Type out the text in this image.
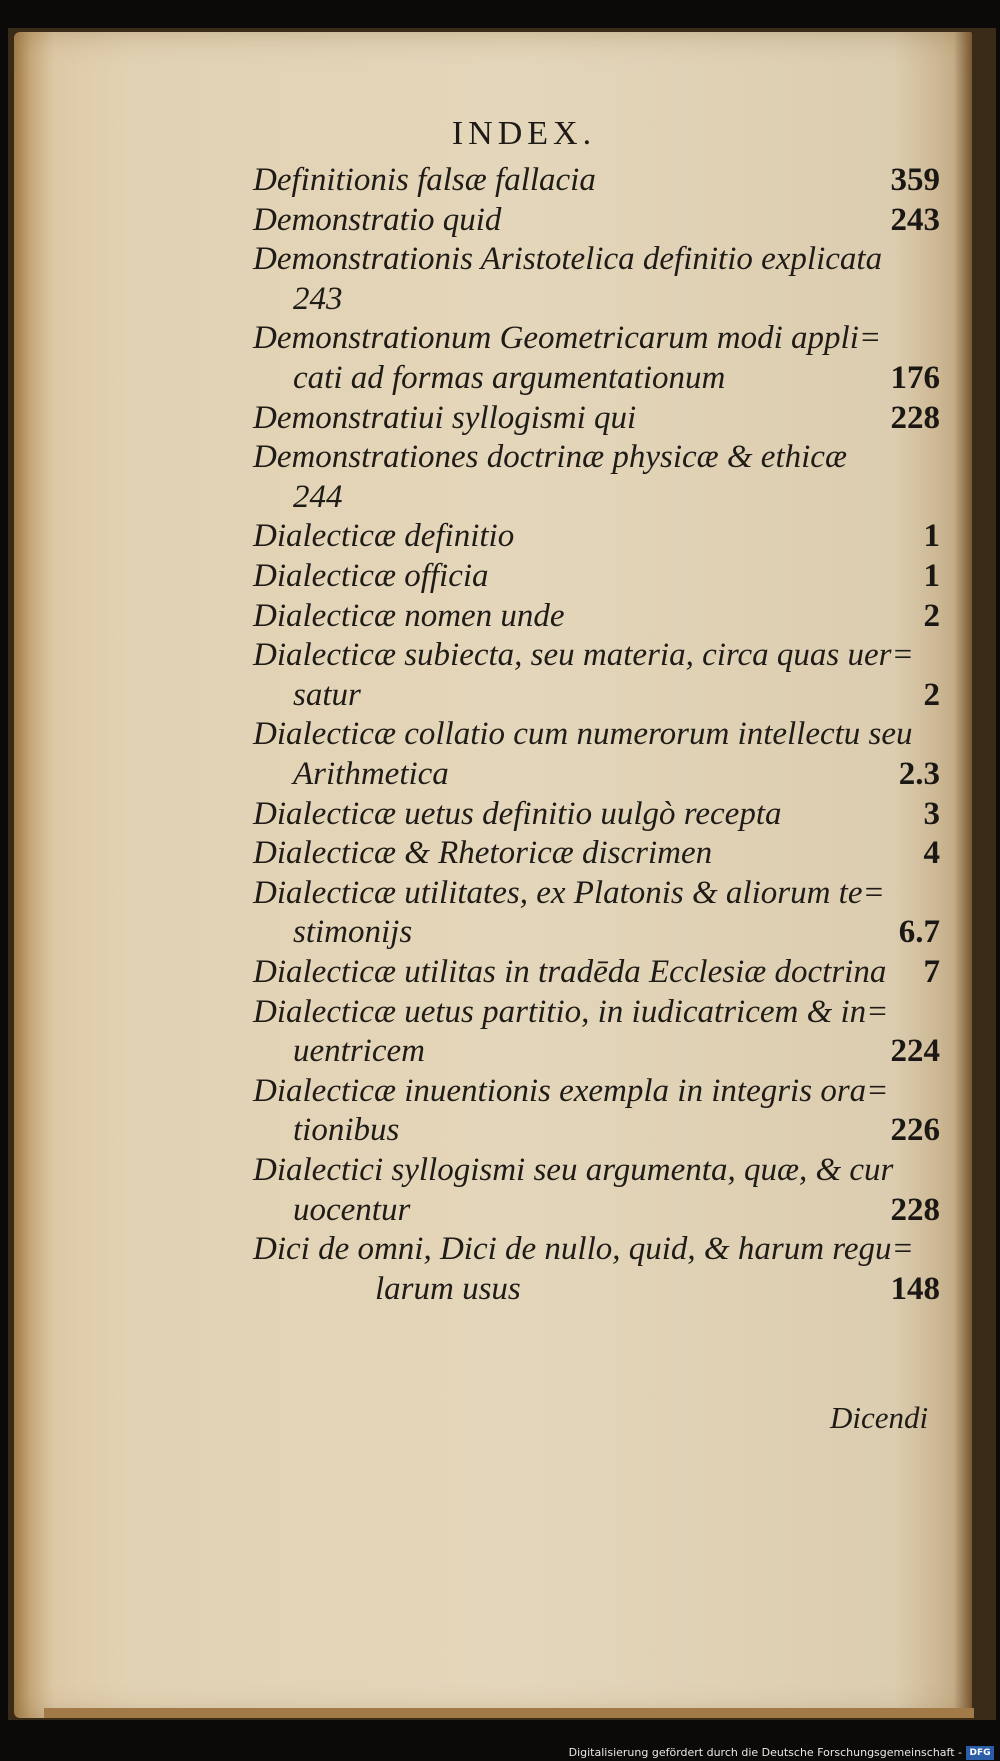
INDEX.
Definitionis falsæ fallacia	359
Demonstratio quid	243
Demonstrationis Aristotelica definitio explicata
243
Demonstrationum Geometricarum modi appli=
cati ad formas argumentationum	176
Demonstratiui syllogismi qui	228
Demonstrationes doctrinæ physicæ & ethicæ
244
Dialecticæ definitio	1
Dialecticæ officia	1
Dialecticæ nomen unde	2
Dialecticæ subiecta, seu materia, circa quas uer=
satur	2
Dialecticæ collatio cum numerorum intellectu seu
Arithmetica	2.3
Dialecticæ uetus definitio uulgò recepta	3
Dialecticæ & Rhetoricæ discrimen	4
Dialecticæ utilitates, ex Platonis & aliorum te=
stimonijs	6.7
Dialecticæ utilitas in tradēda Ecclesiæ doctrina	7
Dialecticæ uetus partitio, in iudicatricem & in=
uentricem	224
Dialecticæ inuentionis exempla in integris ora=
tionibus	226
Dialectici syllogismi seu argumenta, quæ, & cur
uocentur	228
Dici de omni, Dici de nullo, quid, & harum regu=
larum usus	148
Dicendi
Digitalisierung gefördert durch die Deutsche Forschungsgemeinschaft - DFG
